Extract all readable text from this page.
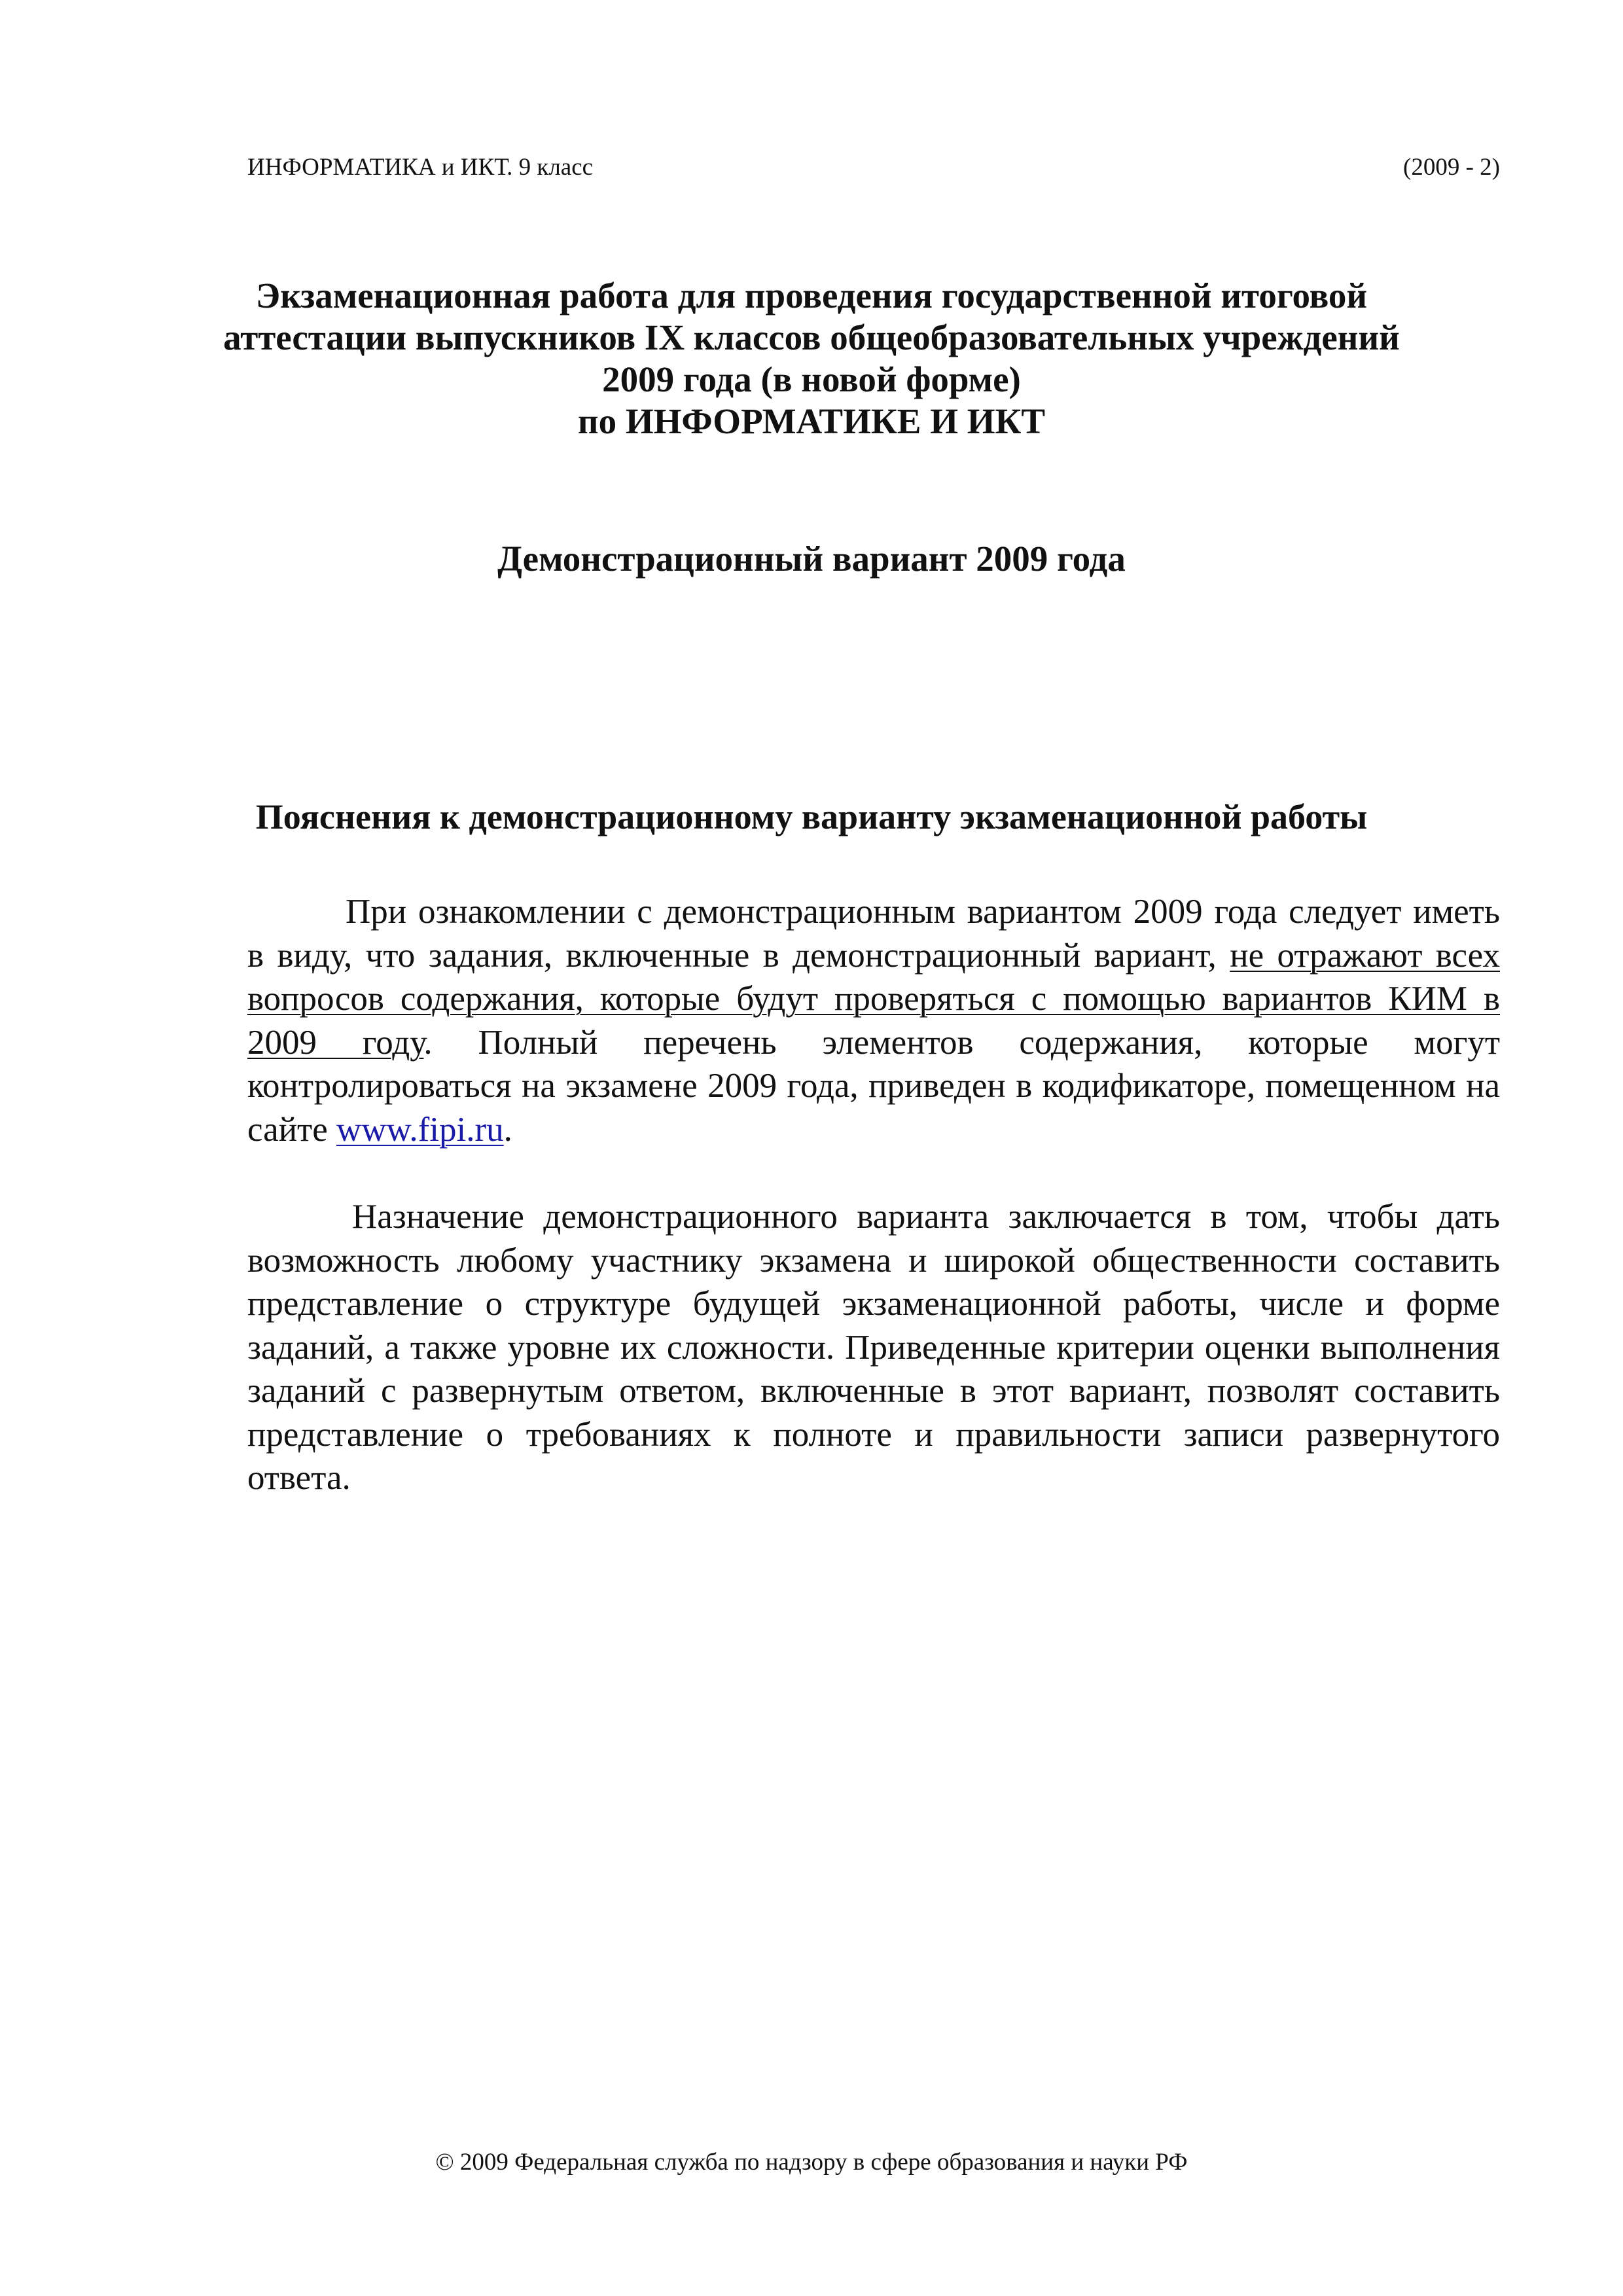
ИНФОРМАТИКА и ИКТ. 9 класс	(2009 - 2)
Экзаменационная работа для проведения государственной итоговой
аттестации выпускников IX классов общеобразовательных учреждений
2009 года (в новой форме)
по ИНФОРМАТИКЕ И ИКТ
Демонстрационный вариант 2009 года
Пояснения к демонстрационному варианту экзаменационной работы
При ознакомлении с демонстрационным вариантом 2009 года следует иметь в виду, что задания, включенные в демонстрационный вариант, не отражают всех вопросов содержания, которые будут проверяться с помощью вариантов КИМ в 2009 году. Полный перечень элементов содержания, которые могут контролироваться на экзамене 2009 года, приведен в кодификаторе, помещенном на сайте www.fipi.ru.
Назначение демонстрационного варианта заключается в том, чтобы дать возможность любому участнику экзамена и широкой общественности составить представление о структуре будущей экзаменационной работы, числе и форме заданий, а также уровне их сложности. Приведенные критерии оценки выполнения заданий с развернутым ответом, включенные в этот вариант, позволят составить представление о требованиях к полноте и правильности записи развернутого ответа.
© 2009 Федеральная служба по надзору в сфере образования и науки РФ
